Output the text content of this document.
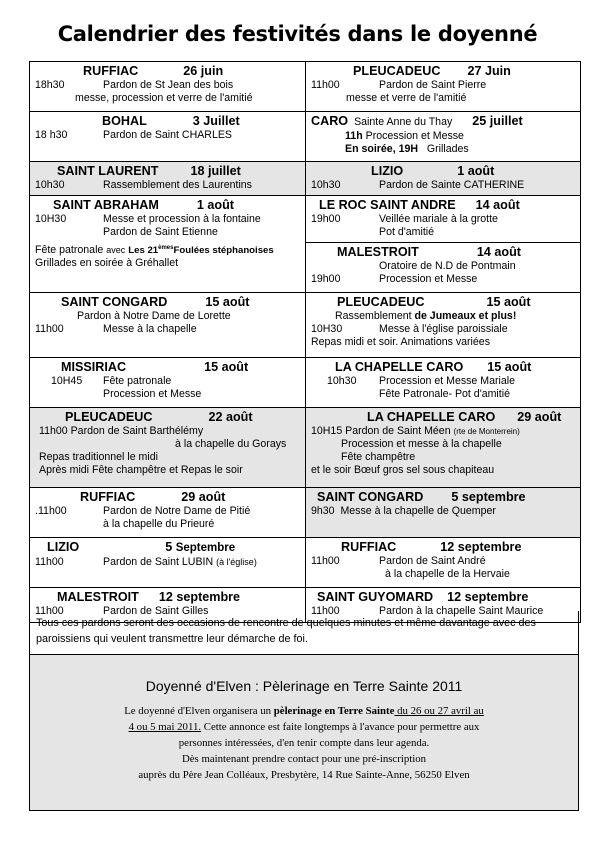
Calendrier des festivités dans le doyenné
RUFFIAC	26 juin
18h30	Pardon de St Jean des bois
messe, procession et verre de l'amitié
PLEUCADEUC 27 Juin
11h00	Pardon de Saint Pierre
messe et verre de l'amitié
BOHAL	3 Juillet
18 h30	Pardon de Saint CHARLES
CARO Sainte Anne du Thay 25 juillet
11h Procession et Messe
En soirée, 19H Grillades
SAINT LAURENT	18 juillet
10h30	Rassemblement des Laurentins
LIZIO	1 août
10h30	Pardon de Sainte CATHERINE
SAINT ABRAHAM	1 août
10H30	Messe et procession à la fontaine
Pardon de Saint Etienne
Fête patronale avec Les 21èmesFoulées stéphanoises
Grillades en soirée à Gréhallet
LE ROC SAINT ANDRE 14 août
19h00	Veillée mariale à la grotte
Pot d'amitié
MALESTROIT	14 août
Oratoire de N.D de Pontmain
19h00	Procession et Messe
SAINT CONGARD	15 août
Pardon à Notre Dame de Lorette
11h00	Messe à la chapelle
PLEUCADEUC	15 août
Rassemblement de Jumeaux et plus!
10H30	Messe à l'église paroissiale
Repas midi et soir. Animations variées
MISSIRIAC	15 août
10H45 Fête patronale
Procession et Messe
LA CHAPELLE CARO 15 août
10h30 Procession et Messe Mariale
Fête Patronale- Pot d'amitié
PLEUCADEUC	22 août
11h00 Pardon de Saint Barthélémy
à la chapelle du Gorays
Repas traditionnel le midi
Après midi Fête champêtre et Repas le soir
LA CHAPELLE CARO 29 août
10H15 Pardon de Saint Méen (rte de Monterrein)
Procession et messe à la chapelle
Fête champêtre
et le soir Bœuf gros sel sous chapiteau
RUFFIAC	29 août
.11h00	Pardon de Notre Dame de Pitié
à la chapelle du Prieuré
SAINT CONGARD 5 septembre
9h30 Messe à la chapelle de Quemper
LIZIO	5 Septembre
11h00	Pardon de Saint LUBIN (à l'église)
RUFFIAC	12 septembre
11h00	Pardon de Saint André
à la chapelle de la Hervaie
MALESTROIT 12 septembre
11h00	Pardon de Saint Gilles
SAINT GUYOMARD 12 septembre
11h00	Pardon à la chapelle Saint Maurice
Tous ces pardons seront des occasions de rencontre de quelques minutes et même davantage avec des paroissiens qui veulent transmettre leur démarche de foi.
Doyenné d'Elven : Pèlerinage en Terre Sainte 2011

Le doyenné d'Elven organisera un pèlerinage en Terre Sainte du 26 ou 27 avril au

4 ou 5 mai 2011. Cette annonce est faite longtemps à l'avance pour permettre aux

personnes intéressées, d'en tenir compte dans leur agenda.

Dès maintenant prendre contact pour une pré-inscription

auprès du Père Jean Colléaux, Presbytère, 14 Rue Sainte-Anne, 56250 Elven
